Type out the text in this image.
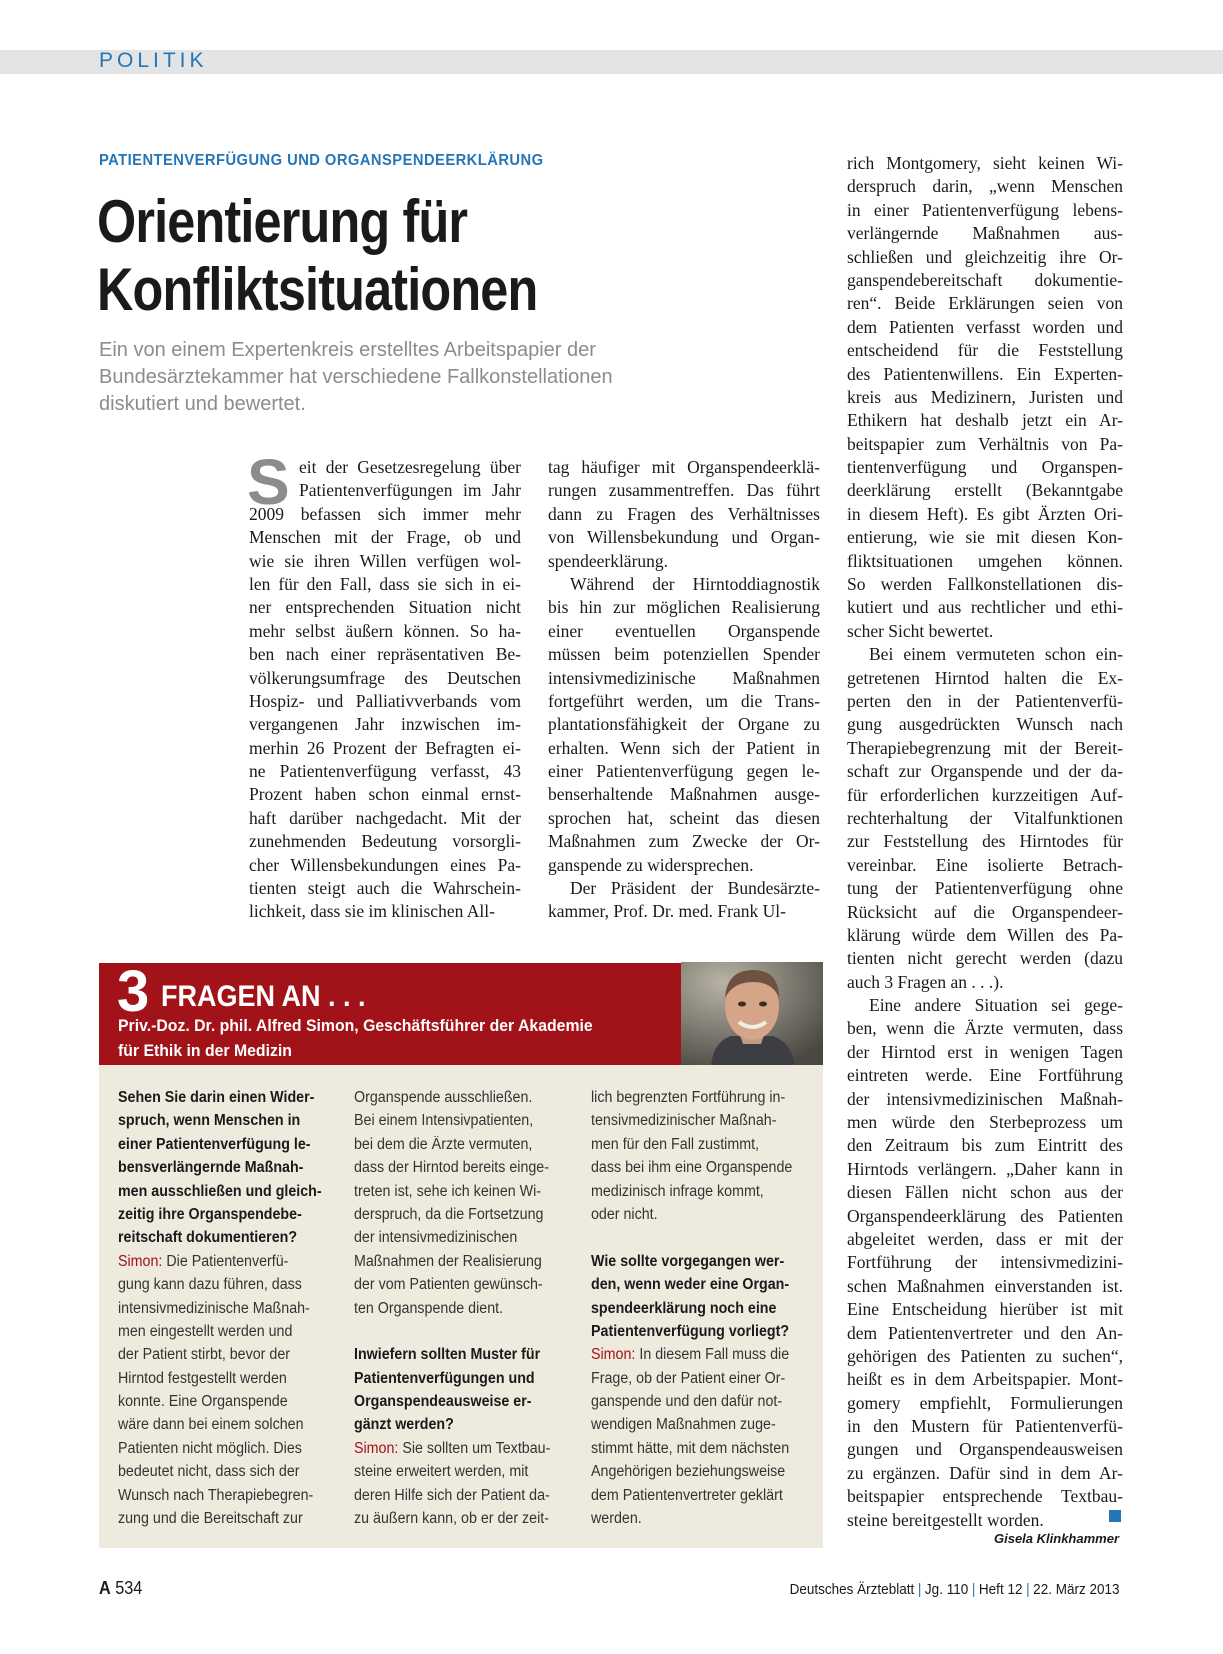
POLITIK
PATIENTENVERFÜGUNG UND ORGANSPENDEERKLÄRUNG
Orientierung für
Konfliktsituationen
Ein von einem Expertenkreis erstelltes Arbeitspapier der
Bundesärztekammer hat verschiedene Fallkonstellationen
diskutiert und bewertet.
S eit der Gesetzesregelung über
Patientenverfügungen im Jahr
2009 befassen sich immer mehr
Menschen mit der Frage, ob und
wie sie ihren Willen verfügen wol-
len für den Fall, dass sie sich in ei-
ner entsprechenden Situation nicht
mehr selbst äußern können. So ha-
ben nach einer repräsentativen Be-
völkerungsumfrage des Deutschen
Hospiz- und Palliativverbands vom
vergangenen Jahr inzwischen im-
merhin 26 Prozent der Befragten ei-
ne Patientenverfügung verfasst, 43
Prozent haben schon einmal ernst-
haft darüber nachgedacht. Mit der
zunehmenden Bedeutung vorsorgli-
cher Willensbekundungen eines Pa-
tienten steigt auch die Wahrschein-
lichkeit, dass sie im klinischen All-
tag häufiger mit Organspendeerklä-
rungen zusammentreffen. Das führt
dann zu Fragen des Verhältnisses
von Willensbekundung und Organ-
spendeerklärung.
Während der Hirntoddiagnostik
bis hin zur möglichen Realisierung
einer eventuellen Organspende
müssen beim potenziellen Spender
intensivmedizinische Maßnahmen
fortgeführt werden, um die Trans-
plantationsfähigkeit der Organe zu
erhalten. Wenn sich der Patient in
einer Patientenverfügung gegen le-
benserhaltende Maßnahmen ausge-
sprochen hat, scheint das diesen
Maßnahmen zum Zwecke der Or-
ganspende zu widersprechen.
Der Präsident der Bundesärzte-
kammer, Prof. Dr. med. Frank Ul-
rich Montgomery, sieht keinen Wi-
derspruch darin, „wenn Menschen
in einer Patientenverfügung lebens-
verlängernde Maßnahmen aus-
schließen und gleichzeitig ihre Or-
ganspendebereitschaft dokumentie-
ren“. Beide Erklärungen seien von
dem Patienten verfasst worden und
entscheidend für die Feststellung
des Patientenwillens. Ein Experten-
kreis aus Medizinern, Juristen und
Ethikern hat deshalb jetzt ein Ar-
beitspapier zum Verhältnis von Pa-
tientenverfügung und Organspen-
deerklärung erstellt (Bekanntgabe
in diesem Heft). Es gibt Ärzten Ori-
entierung, wie sie mit diesen Kon-
fliktsituationen umgehen können.
So werden Fallkonstellationen dis-
kutiert und aus rechtlicher und ethi-
scher Sicht bewertet.
Bei einem vermuteten schon ein-
getretenen Hirntod halten die Ex-
perten den in der Patientenverfü-
gung ausgedrückten Wunsch nach
Therapiebegrenzung mit der Bereit-
schaft zur Organspende und der da-
für erforderlichen kurzzeitigen Auf-
rechterhaltung der Vitalfunktionen
zur Feststellung des Hirntodes für
vereinbar. Eine isolierte Betrach-
tung der Patientenverfügung ohne
Rücksicht auf die Organspendeer-
klärung würde dem Willen des Pa-
tienten nicht gerecht werden (dazu
auch 3 Fragen an . . .).
Eine andere Situation sei gege-
ben, wenn die Ärzte vermuten, dass
der Hirntod erst in wenigen Tagen
eintreten werde. Eine Fortführung
der intensivmedizinischen Maßnah-
men würde den Sterbeprozess um
den Zeitraum bis zum Eintritt des
Hirntods verlängern. „Daher kann in
diesen Fällen nicht schon aus der
Organspendeerklärung des Patienten
abgeleitet werden, dass er mit der
Fortführung der intensivmedizini-
schen Maßnahmen einverstanden ist.
Eine Entscheidung hierüber ist mit
dem Patientenvertreter und den An-
gehörigen des Patienten zu suchen“,
heißt es in dem Arbeitspapier. Mont-
gomery empfiehlt, Formulierungen
in den Mustern für Patientenverfü-
gungen und Organspendeausweisen
zu ergänzen. Dafür sind in dem Ar-
beitspapier entsprechende Textbau-
steine bereitgestellt worden.
3 FRAGEN AN . . .
Priv.-Doz. Dr. phil. Alfred Simon, Geschäftsführer der Akademie
für Ethik in der Medizin
Sehen Sie darin einen Wider-
spruch, wenn Menschen in
einer Patientenverfügung le-
bensverlängernde Maßnah-
men ausschließen und gleich-
zeitig ihre Organspendebe-
reitschaft dokumentieren?
Simon: Die Patientenverfü-
gung kann dazu führen, dass
intensivmedizinische Maßnah-
men eingestellt werden und
der Patient stirbt, bevor der
Hirntod festgestellt werden
konnte. Eine Organspende
wäre dann bei einem solchen
Patienten nicht möglich. Dies
bedeutet nicht, dass sich der
Wunsch nach Therapiebegren-
zung und die Bereitschaft zur
Organspende ausschließen.
Bei einem Intensivpatienten,
bei dem die Ärzte vermuten,
dass der Hirntod bereits einge-
treten ist, sehe ich keinen Wi-
derspruch, da die Fortsetzung
der intensivmedizinischen
Maßnahmen der Realisierung
der vom Patienten gewünsch-
ten Organspende dient.
Inwiefern sollten Muster für
Patientenverfügungen und
Organspendeausweise er-
gänzt werden?
Simon: Sie sollten um Textbau-
steine erweitert werden, mit
deren Hilfe sich der Patient da-
zu äußern kann, ob er der zeit-
lich begrenzten Fortführung in-
tensivmedizinischer Maßnah-
men für den Fall zustimmt,
dass bei ihm eine Organspende
medizinisch infrage kommt,
oder nicht.
Wie sollte vorgegangen wer-
den, wenn weder eine Organ-
spendeerklärung noch eine
Patientenverfügung vorliegt?
Simon: In diesem Fall muss die
Frage, ob der Patient einer Or-
ganspende und den dafür not-
wendigen Maßnahmen zuge-
stimmt hätte, mit dem nächsten
Angehörigen beziehungsweise
dem Patientenvertreter geklärt
werden.
Gisela Klinkhammer
A 534	Deutsches Ärzteblatt | Jg. 110 | Heft 12 | 22. März 2013
